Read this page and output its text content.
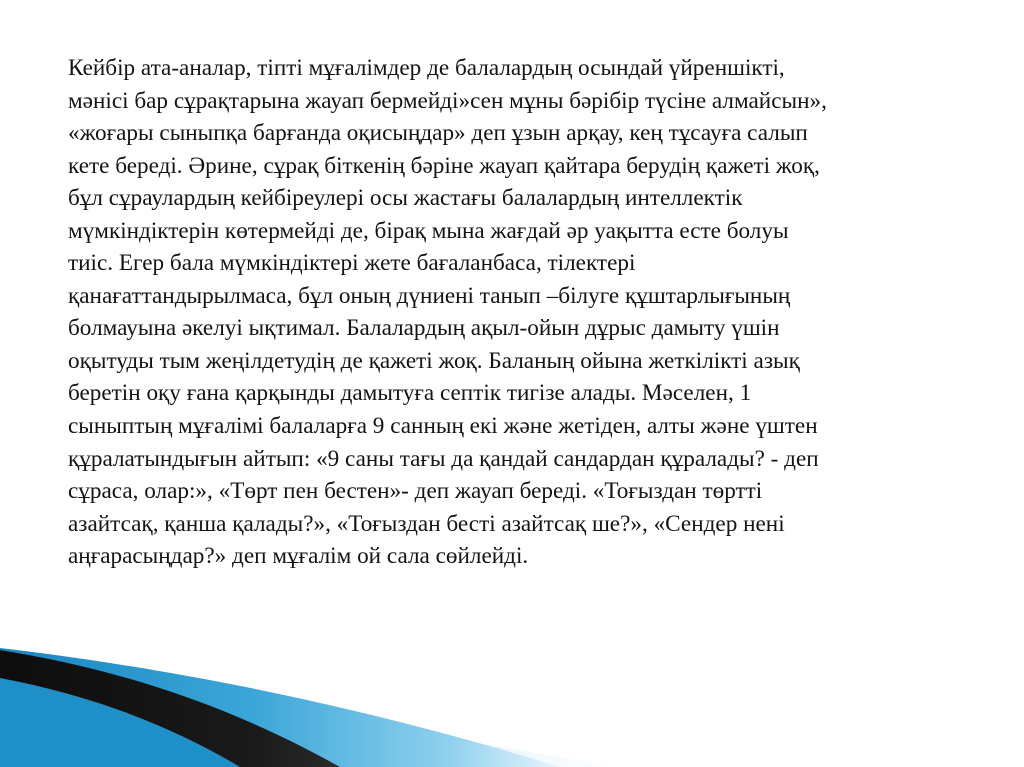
Кейбір ата-аналар, тіпті мұғалімдер де балалардың осындай үйреншікті,
мәнісі бар сұрақтарына жауап бермейді»сен мұны бәрібір түсіне алмайсын»,
«жоғары сыныпқа барғанда оқисыңдар» деп ұзын арқау, кең тұсауға салып
кете береді. Әрине, сұрақ біткенің бәріне жауап қайтара берудің қажеті жоқ,
бұл сұраулардың кейбіреулері осы жастағы балалардың интеллектік
мүмкіндіктерін көтермейді де, бірақ мына жағдай әр уақытта есте болуы
тиіс. Егер бала мүмкіндіктері жете бағаланбаса, тілектері
қанағаттандырылмаса, бұл оның дүниені танып –білуге құштарлығының
болмауына әкелуі ықтимал. Балалардың ақыл-ойын дұрыс дамыту үшін
оқытуды тым жеңілдетудің де қажеті жоқ. Баланың ойына жеткілікті азық
беретін оқу ғана қарқынды дамытуға септік тигізе алады. Мәселен, 1
сыныптың мұғалімі балаларға 9 санның екі және жетіден, алты және үштен
құралатындығын айтып: «9 саны тағы да қандай сандардан құралады? - деп
сұраса, олар:», «Төрт пен бестен»- деп жауап береді. «Тоғыздан төртті
азайтсақ, қанша қалады?», «Тоғыздан бесті азайтсақ ше?», «Сендер нені
аңғарасыңдар?» деп мұғалім ой сала сөйлейді.
